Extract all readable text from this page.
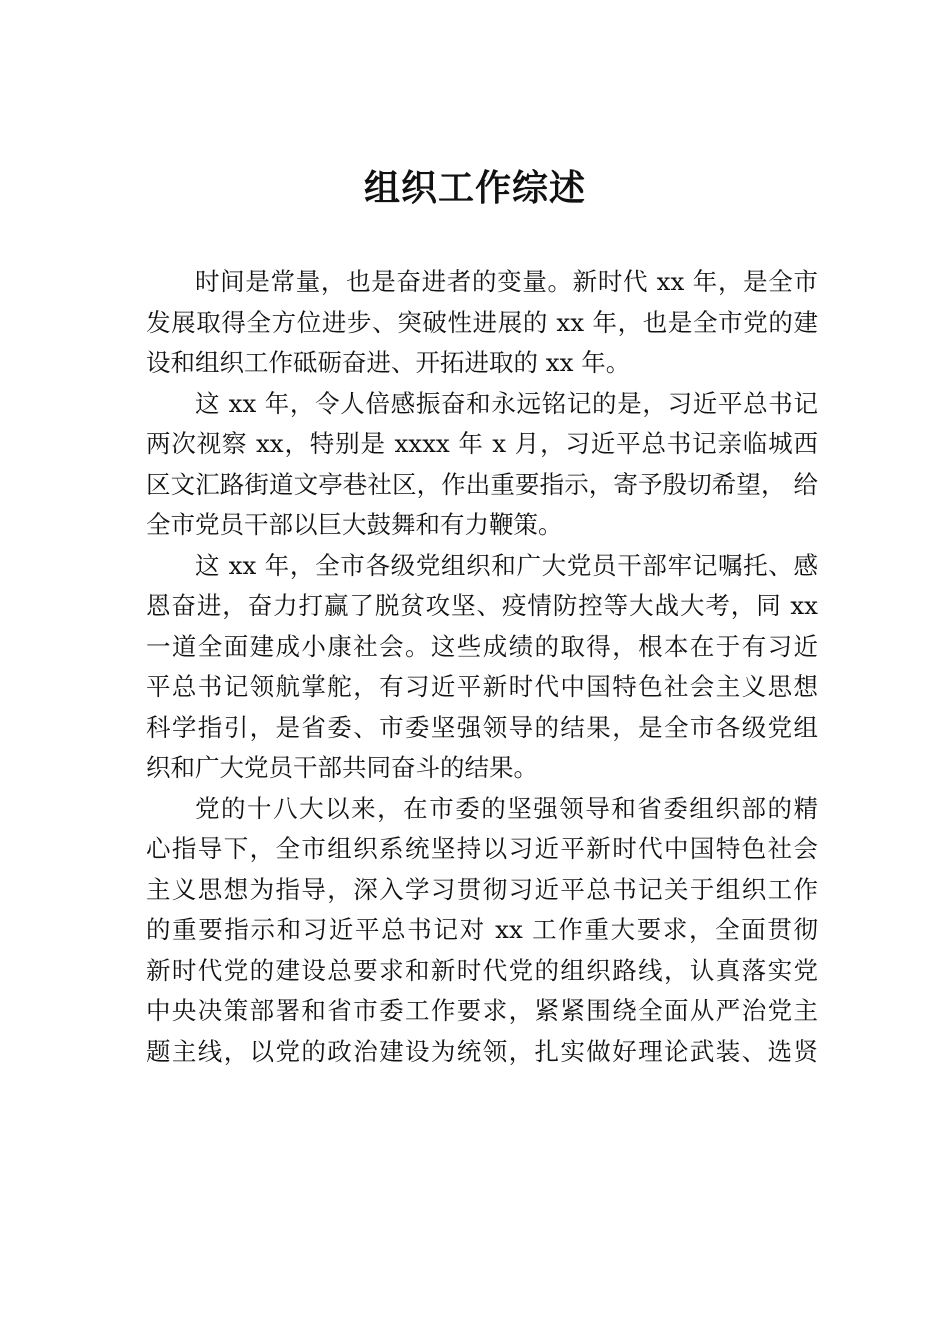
组织工作综述

时间是常量，也是奋进者的变量。新时代 xx 年，是全市
发展取得全方位进步、突破性进展的 xx 年，也是全市党的建
设和组织工作砥砺奋进、开拓进取的 xx 年。

这 xx 年，令人倍感振奋和永远铭记的是，习近平总书记
两次视察 xx，特别是 xxxx 年 x 月，习近平总书记亲临城西
区文汇路街道文亭巷社区，作出重要指示，寄予殷切希望， 给
全市党员干部以巨大鼓舞和有力鞭策。

这 xx 年，全市各级党组织和广大党员干部牢记嘱托、感
恩奋进，奋力打赢了脱贫攻坚、疫情防控等大战大考，同 xx
一道全面建成小康社会。这些成绩的取得，根本在于有习近
平总书记领航掌舵，有习近平新时代中国特色社会主义思想
科学指引，是省委、市委坚强领导的结果，是全市各级党组
织和广大党员干部共同奋斗的结果。

党的十八大以来，在市委的坚强领导和省委组织部的精
心指导下，全市组织系统坚持以习近平新时代中国特色社会
主义思想为指导，深入学习贯彻习近平总书记关于组织工作
的重要指示和习近平总书记对 xx 工作重大要求，全面贯彻
新时代党的建设总要求和新时代党的组织路线，认真落实党
中央决策部署和省市委工作要求，紧紧围绕全面从严治党主
题主线，以党的政治建设为统领，扎实做好理论武装、选贤
